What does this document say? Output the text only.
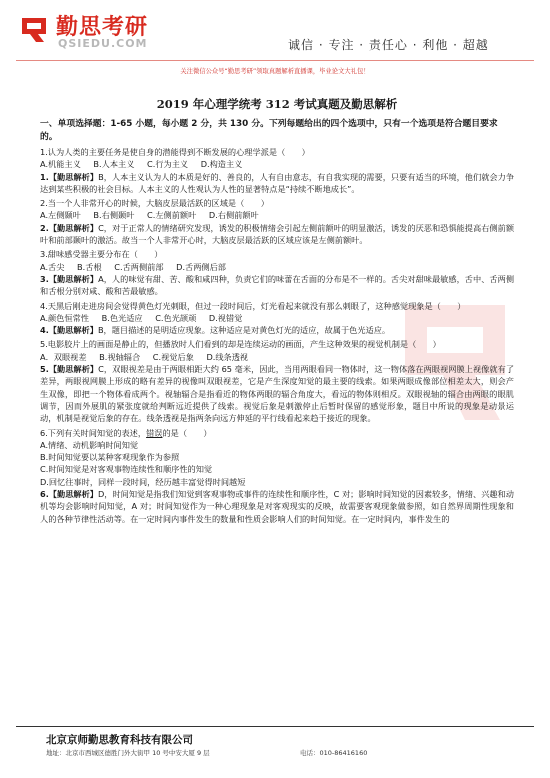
勤思考研
QSIEDU.COM	诚信 · 专注 · 责任心 · 利他 · 超越
关注微信公众号“勤思考研”领取真题解析直播课，毕业论文大礼包！
2019 年心理学统考 312 考试真题及勤思解析
一、单项选择题：1-65 小题，每小题 2 分，共 130 分。下列每题给出的四个选项中，只有一个选项是符合题目要求的。
1.认为人类的主要任务是使自身的潜能得到不断发展的心理学派是（　　）
A.机能主义 B.人本主义 C.行为主义 D.构造主义
1.【勤思解析】B，人本主义认为人的本质是好的、善良的，人有自由意志，有自我实现的需要，只要有适当的环境，他们就会力争达到某些积极的社会目标。人本主义的人性观认为人性的显著特点是“持续不断地成长”。
2.当一个人非常开心的时候，大脑皮层最活跃的区域是（　　）
A.左侧颞叶 B.右侧颞叶 C.左侧前额叶 D.右侧前额叶
2.【勤思解析】C，对于正常人的情绪研究发现，诱发的积极情绪会引起左侧前额叶的明显激活，诱发的厌恶和恐惧能提高右侧前额叶和前部颞叶的激活。故当一个人非常开心时，大脑皮层最活跃的区域应该是左侧前额叶。
3.甜味感受器主要分布在（　　）
A.舌尖 B.舌根 C.舌两侧前部 D.舌两侧后部
3.【勤思解析】A，人的味觉有甜、苦、酸和咸四种，负责它们的味蕾在舌面的分布是不一样的。舌尖对甜味最敏感，舌中、舌两侧和舌根分别对咸、酸和苦最敏感。
4.天黑后刚走进房间会觉得黄色灯光刺眼，但过一段时间后，灯光看起来就没有那么刺眼了，这种感觉现象是（　　）
A.颜色恒常性 B.色光适应 C.色光颉颃 D.视错觉
4.【勤思解析】B，题目描述的是明适应现象。这种适应是对黄色灯光的适应，故属于色光适应。
5.电影胶片上的画面是静止的，但播放时人们看到的却是连续运动的画面，产生这种效果的视觉机制是（　　）
A．双眼视差 B.视轴辐合 C.视觉后象 D.线条透视
5.【勤思解析】C，双眼视差是由于两眼相距大约 65 毫米，因此，当用两眼看同一物体时，这一物体落在两眼视网膜上视像就有了差异，两眼视网膜上形成的略有差异的视像叫双眼视差，它是产生深度知觉的最主要的线索。如果两眼成像部位相差太大，则会产生双像，即把一个物体看成两个。视轴辐合是指看近的物体两眼的辐合角度大，看远的物体则相反。双眼视轴的辐合由两眼的眼肌调节，因而外展肌的紧张度就给判断远近提供了线索。视觉后象是刺激停止后暂时保留的感觉形象，题目中所说的现象是动景运动，机制是视觉后象的存在。线条透视是指两条向远方伸延的平行线看起来趋于接近的现象。
6.下列有关时间知觉的表述，错误的是（　　）
A.情绪、动机影响时间知觉
B.时间知觉要以某种客观现象作为参照
C.时间知觉是对客观事物连续性和顺序性的知觉
D.回忆往事时，同样一段时间，经历越丰富觉得时间越短
6.【勤思解析】D，时间知觉是指我们知觉到客观事物或事件的连续性和顺序性，C 对；影响时间知觉的因素较多，情绪、兴趣和动机等均会影响时间知觉，A 对；时间知觉作为一种心理现象是对客观现实的反映，故需要客观现象做参照，如自然界周期性现象和人的各种节律性活动等。在一定时间内事件发生的数量和性质会影响人们的时间知觉。在一定时间内，事件发生的
北京京师勤思教育科技有限公司
地址：北京市西城区德胜门外大街甲 10 号中安大厦 9 层	电话：010-86416160
